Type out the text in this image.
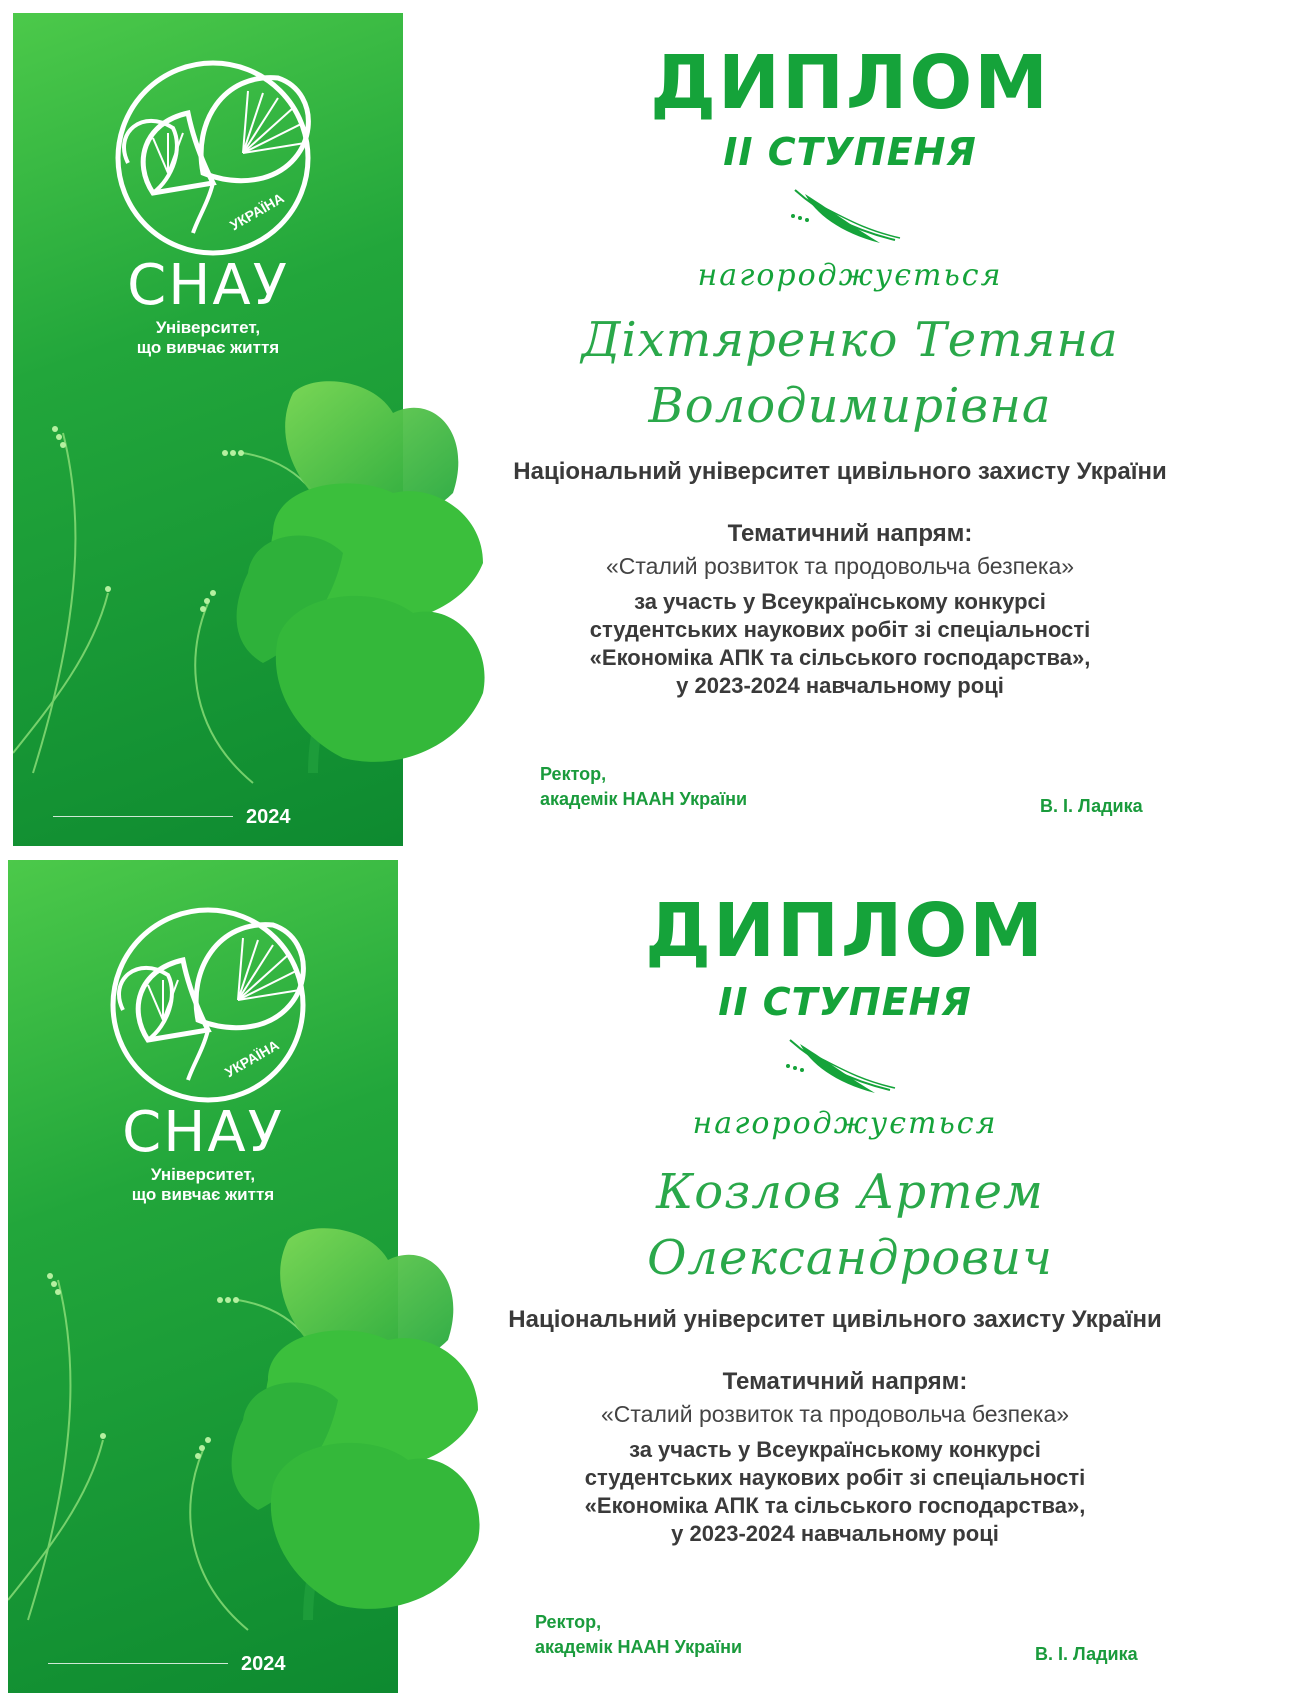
УКРАЇНА
СНАУ
Університет,
що вивчає життя
2024
ДИПЛОМ
II СТУПЕНЯ
нагороджується
Діхтяренко Тетяна
Володимирівна
Національний університет цивільного захисту України
Тематичний напрям:
«Сталий розвиток та продовольча безпека»
за участь у Всеукраїнському конкурсі
студентських наукових робіт зі спеціальності
«Економіка АПК та сільського господарства»,
у 2023-2024 навчальному році
Ректор,
академік НААН України	В. І. Ладика
УКРАЇНА
СНАУ
Університет,
що вивчає життя
2024
ДИПЛОМ
II СТУПЕНЯ
нагороджується
Козлов Артем
Олександрович
Національний університет цивільного захисту України
Тематичний напрям:
«Сталий розвиток та продовольча безпека»
за участь у Всеукраїнському конкурсі
студентських наукових робіт зі спеціальності
«Економіка АПК та сільського господарства»,
у 2023-2024 навчальному році
Ректор,
академік НААН України	В. І. Ладика
